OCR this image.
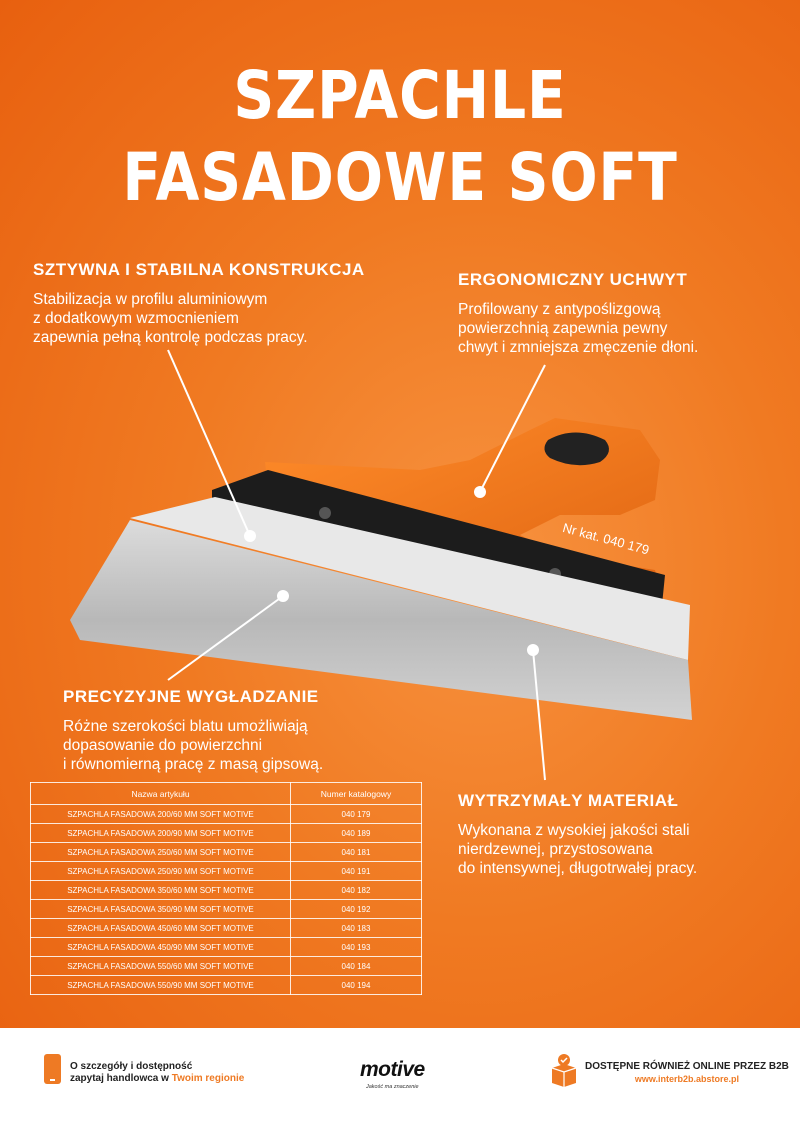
SZPACHLE
FASADOWE SOFT
Nr kat. 040 179
SZTYWNA I STABILNA KONSTRUKCJA

Stabilizacja w profilu aluminiowym
z dodatkowym wzmocnieniem
zapewnia pełną kontrolę podczas pracy.

ERGONOMICZNY UCHWYT

Profilowany z antypoślizgową
powierzchnią zapewnia pewny
chwyt i zmniejsza zmęczenie dłoni.

PRECYZYJNE WYGŁADZANIE

Różne szerokości blatu umożliwiają
dopasowanie do powierzchni
i równomierną pracę z masą gipsową.

WYTRZYMAŁY MATERIAŁ

Wykonana z wysokiej jakości stali
nierdzewnej, przystosowana
do intensywnej, długotrwałej pracy.

Nazwa artykułu	Numer katalogowy
SZPACHLA FASADOWA 200/60 MM SOFT MOTIVE	040 179
SZPACHLA FASADOWA 200/90 MM SOFT MOTIVE	040 189
SZPACHLA FASADOWA 250/60 MM SOFT MOTIVE	040 181
SZPACHLA FASADOWA 250/90 MM SOFT MOTIVE	040 191
SZPACHLA FASADOWA 350/60 MM SOFT MOTIVE	040 182
SZPACHLA FASADOWA 350/90 MM SOFT MOTIVE	040 192
SZPACHLA FASADOWA 450/60 MM SOFT MOTIVE	040 183
SZPACHLA FASADOWA 450/90 MM SOFT MOTIVE	040 193
SZPACHLA FASADOWA 550/60 MM SOFT MOTIVE	040 184
SZPACHLA FASADOWA 550/90 MM SOFT MOTIVE	040 194
O szczegóły i dostępność
zapytaj handlowca w Twoim regionie	motive
Jakość ma znaczenie
DOSTĘPNE RÓWNIEŻ ONLINE PRZEZ B2B
www.interb2b.abstore.pl
